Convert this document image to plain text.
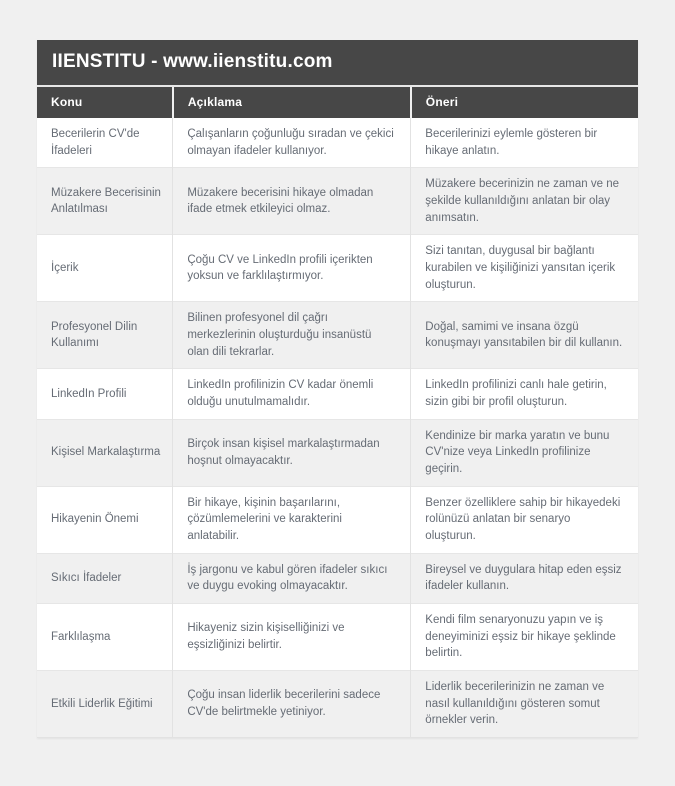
IIENSTITU - www.iienstitu.com
Konu	Açıklama	Öneri
Becerilerin CV'de İfadeleri	Çalışanların çoğunluğu sıradan ve çekici olmayan ifadeler kullanıyor.	Becerilerinizi eylemle gösteren bir hikaye anlatın.
Müzakere Becerisinin Anlatılması	Müzakere becerisini hikaye olmadan ifade etmek etkileyici olmaz.	Müzakere becerinizin ne zaman ve ne şekilde kullanıldığını anlatan bir olay anımsatın.
İçerik	Çoğu CV ve LinkedIn profili içerikten yoksun ve farklılaştırmıyor.	Sizi tanıtan, duygusal bir bağlantı kurabilen ve kişiliğinizi yansıtan içerik oluşturun.
Profesyonel Dilin Kullanımı	Bilinen profesyonel dil çağrı merkezlerinin oluşturduğu insanüstü olan dili tekrarlar.	Doğal, samimi ve insana özgü konuşmayı yansıtabilen bir dil kullanın.
LinkedIn Profili	LinkedIn profilinizin CV kadar önemli olduğu unutulmamalıdır.	LinkedIn profilinizi canlı hale getirin, sizin gibi bir profil oluşturun.
Kişisel Markalaştırma	Birçok insan kişisel markalaştırmadan hoşnut olmayacaktır.	Kendinize bir marka yaratın ve bunu CV'nize veya LinkedIn profilinize geçirin.
Hikayenin Önemi	Bir hikaye, kişinin başarılarını, çözümlemelerini ve karakterini anlatabilir.	Benzer özelliklere sahip bir hikayedeki rolünüzü anlatan bir senaryo oluşturun.
Sıkıcı İfadeler	İş jargonu ve kabul gören ifadeler sıkıcı ve duygu evoking olmayacaktır.	Bireysel ve duygulara hitap eden eşsiz ifadeler kullanın.
Farklılaşma	Hikayeniz sizin kişiselliğinizi ve eşsizliğinizi belirtir.	Kendi film senaryonuzu yapın ve iş deneyiminizi eşsiz bir hikaye şeklinde belirtin.
Etkili Liderlik Eğitimi	Çoğu insan liderlik becerilerini sadece CV'de belirtmekle yetiniyor.	Liderlik becerilerinizin ne zaman ve nasıl kullanıldığını gösteren somut örnekler verin.
